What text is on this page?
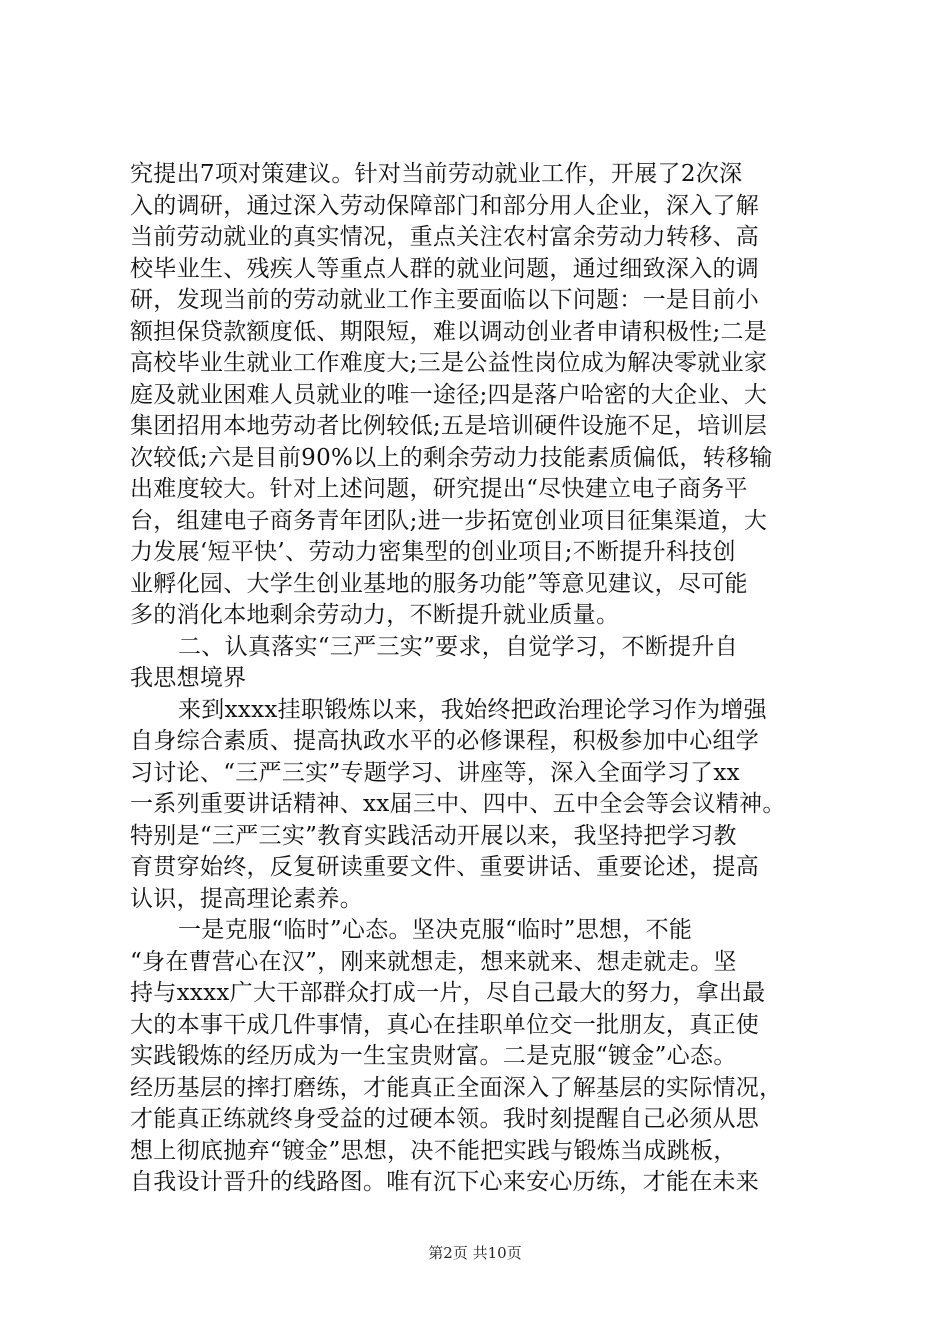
究提出7项对策建议。针对当前劳动就业工作，开展了2次深
入的调研，通过深入劳动保障部门和部分用人企业，深入了解
当前劳动就业的真实情况，重点关注农村富余劳动力转移、高
校毕业生、残疾人等重点人群的就业问题，通过细致深入的调
研，发现当前的劳动就业工作主要面临以下问题：一是目前小
额担保贷款额度低、期限短，难以调动创业者申请积极性;二是
高校毕业生就业工作难度大;三是公益性岗位成为解决零就业家
庭及就业困难人员就业的唯一途径;四是落户哈密的大企业、大
集团招用本地劳动者比例较低;五是培训硬件设施不足，培训层
次较低;六是目前90%以上的剩余劳动力技能素质偏低，转移输
出难度较大。针对上述问题，研究提出“尽快建立电子商务平
台，组建电子商务青年团队;进一步拓宽创业项目征集渠道，大
力发展‘短平快’、劳动力密集型的创业项目;不断提升科技创
业孵化园、大学生创业基地的服务功能”等意见建议，尽可能
多的消化本地剩余劳动力，不断提升就业质量。
二、认真落实“三严三实”要求，自觉学习，不断提升自
我思想境界
来到xxxx挂职锻炼以来，我始终把政治理论学习作为增强
自身综合素质、提高执政水平的必修课程，积极参加中心组学
习讨论、“三严三实”专题学习、讲座等，深入全面学习了xx
一系列重要讲话精神、xx届三中、四中、五中全会等会议精神。
特别是“三严三实”教育实践活动开展以来，我坚持把学习教
育贯穿始终，反复研读重要文件、重要讲话、重要论述，提高
认识，提高理论素养。
一是克服“临时”心态。坚决克服“临时”思想，不能
“身在曹营心在汉”，刚来就想走，想来就来、想走就走。坚
持与xxxx广大干部群众打成一片，尽自己最大的努力，拿出最
大的本事干成几件事情，真心在挂职单位交一批朋友，真正使
实践锻炼的经历成为一生宝贵财富。二是克服“镀金”心态。
经历基层的摔打磨练，才能真正全面深入了解基层的实际情况，
才能真正练就终身受益的过硬本领。我时刻提醒自己必须从思
想上彻底抛弃“镀金”思想，决不能把实践与锻炼当成跳板，
自我设计晋升的线路图。唯有沉下心来安心历练，才能在未来
第2页 共10页
